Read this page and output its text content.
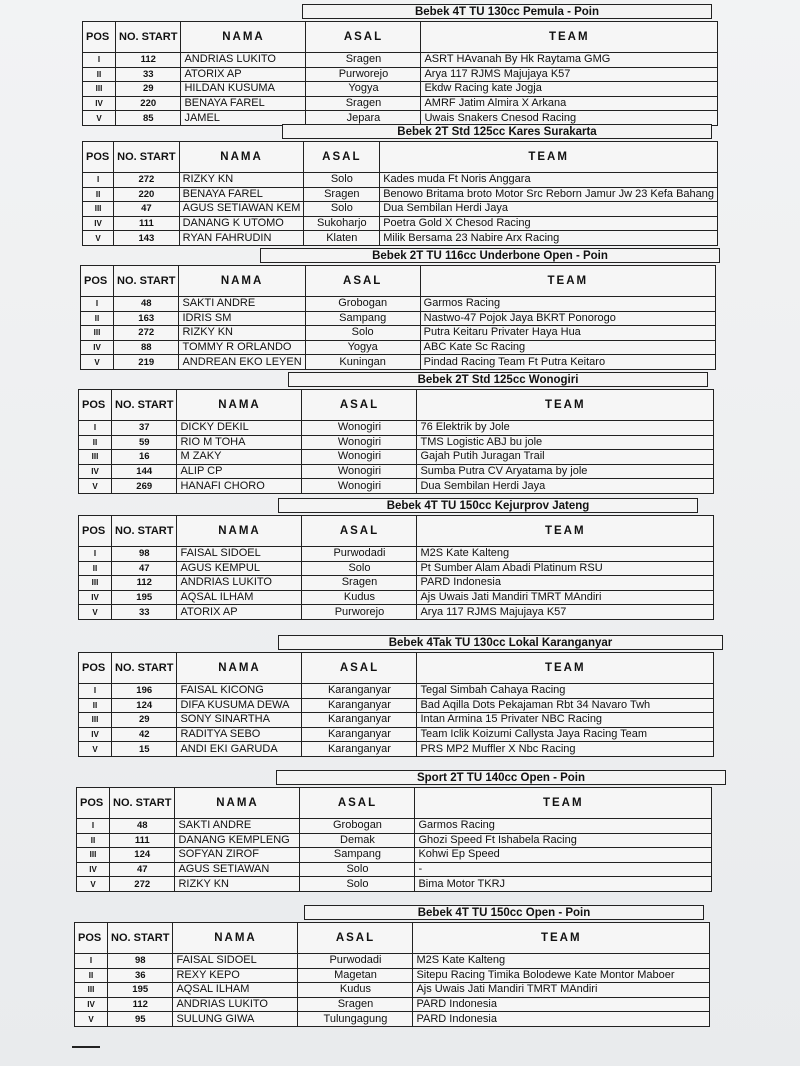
Bebek 4T TU 130cc Pemula - Poin
POS	NO. START	NAMA	ASAL	TEAM
I	112	ANDRIAS LUKITO	Sragen	ASRT HAvanah By Hk Raytama GMG
II	33	ATORIX AP	Purworejo	Arya 117 RJMS Majujaya K57
III	29	HILDAN KUSUMA	Yogya	Ekdw Racing kate Jogja
IV	220	BENAYA FAREL	Sragen	AMRF Jatim Almira X Arkana
V	85	JAMEL	Jepara	Uwais Snakers Cnesod Racing
Bebek 2T Std 125cc Kares Surakarta
POS	NO. START	NAMA	ASAL	TEAM
I	272	RIZKY KN	Solo	Kades muda Ft Noris Anggara
II	220	BENAYA FAREL	Sragen	Benowo Britama broto Motor Src Reborn Jamur Jw 23 Kefa Bahang
III	47	AGUS SETIAWAN KEM	Solo	Dua Sembilan Herdi Jaya
IV	111	DANANG K UTOMO	Sukoharjo	Poetra Gold X Chesod Racing
V	143	RYAN FAHRUDIN	Klaten	Milik Bersama 23 Nabire Arx Racing
Bebek 2T TU 116cc Underbone Open - Poin
POS	NO. START	NAMA	ASAL	TEAM
I	48	SAKTI ANDRE	Grobogan	Garmos Racing
II	163	IDRIS SM	Sampang	Nastwo-47 Pojok Jaya BKRT Ponorogo
III	272	RIZKY KN	Solo	Putra Keitaru Privater Haya Hua
IV	88	TOMMY R ORLANDO	Yogya	ABC Kate Sc Racing
V	219	ANDREAN EKO LEYEN	Kuningan	Pindad Racing Team Ft Putra Keitaro
Bebek 2T Std 125cc Wonogiri
POS	NO. START	NAMA	ASAL	TEAM
I	37	DICKY DEKIL	Wonogiri	76 Elektrik by Jole
II	59	RIO M TOHA	Wonogiri	TMS Logistic ABJ bu jole
III	16	M ZAKY	Wonogiri	Gajah Putih Juragan Trail
IV	144	ALIP CP	Wonogiri	Sumba Putra CV Aryatama by jole
V	269	HANAFI CHORO	Wonogiri	Dua Sembilan Herdi Jaya
Bebek 4T TU 150cc Kejurprov Jateng
POS	NO. START	NAMA	ASAL	TEAM
I	98	FAISAL SIDOEL	Purwodadi	M2S Kate Kalteng
II	47	AGUS KEMPUL	Solo	Pt Sumber Alam Abadi Platinum RSU
III	112	ANDRIAS LUKITO	Sragen	PARD Indonesia
IV	195	AQSAL ILHAM	Kudus	Ajs Uwais Jati Mandiri TMRT MAndiri
V	33	ATORIX AP	Purworejo	Arya 117 RJMS Majujaya K57
Bebek 4Tak TU 130cc Lokal Karanganyar
POS	NO. START	NAMA	ASAL	TEAM
I	196	FAISAL KICONG	Karanganyar	Tegal Simbah Cahaya Racing
II	124	DIFA KUSUMA DEWA	Karanganyar	Bad Aqilla Dots Pekajaman Rbt 34 Navaro Twh
III	29	SONY SINARTHA	Karanganyar	Intan Armina 15 Privater NBC Racing
IV	42	RADITYA SEBO	Karanganyar	Team Iclik Koizumi Callysta Jaya Racing Team
V	15	ANDI EKI GARUDA	Karanganyar	PRS MP2 Muffler X Nbc Racing
Sport 2T TU 140cc Open - Poin
POS	NO. START	NAMA	ASAL	TEAM
I	48	SAKTI ANDRE	Grobogan	Garmos Racing
II	111	DANANG KEMPLENG	Demak	Ghozi Speed Ft Ishabela Racing
III	124	SOFYAN ZIROF	Sampang	Kohwi Ep Speed
IV	47	AGUS SETIAWAN	Solo	-
V	272	RIZKY KN	Solo	Bima Motor TKRJ
Bebek 4T TU 150cc Open - Poin
POS	NO. START	NAMA	ASAL	TEAM
I	98	FAISAL SIDOEL	Purwodadi	M2S Kate Kalteng
II	36	REXY KEPO	Magetan	Sitepu Racing Timika Bolodewe Kate Montor Maboer
III	195	AQSAL ILHAM	Kudus	Ajs Uwais Jati Mandiri TMRT MAndiri
IV	112	ANDRIAS LUKITO	Sragen	PARD Indonesia
V	95	SULUNG GIWA	Tulungagung	PARD Indonesia
